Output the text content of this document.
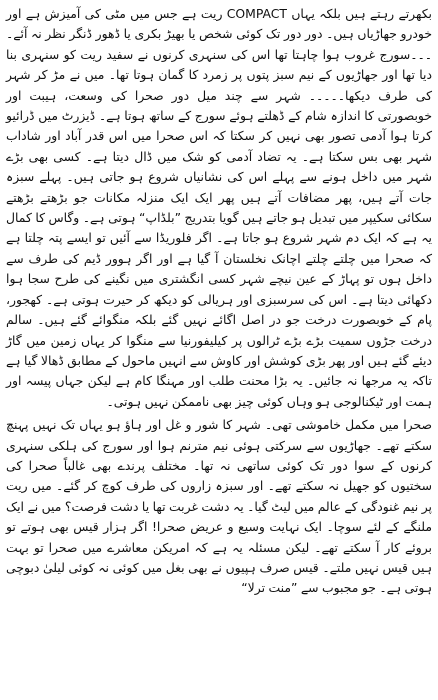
بکھرتے رہتے ہیں بلکہ یہاں COMPACT ریت ہے جس میں مٹی کی آمیزش ہے اور خودرو جھاڑیاں ہیں۔ دور دور تک کوئی شخص یا بھیڑ بکری یا ڈھور ڈنگر نظر نہ آئے۔ ۔۔۔سورج غروب ہوا چاہتا تھا اس کی سنہری کرنوں نے سفید ریت کو سنہری بنا دیا تھا اور جھاڑیوں کے نیم سبز پتوں پر زمرد کا گمان ہوتا تھا۔ میں نے مڑ کر شہر کی طرف دیکھا۔۔۔۔۔ شہر سے چند میل دور صحرا کی وسعت، ہیبت اور خوبصورتی کا اندازہ شام کے ڈھلتے ہوئے سورج کے ساتھ ہوتا ہے۔ ڈیزرٹ میں ڈرائیو کرتا ہوا آدمی تصور بھی نہیں کر سکتا کہ اس صحرا میں اس قدر آباد اور شاداب شہر بھی بس سکتا ہے۔ یہ تضاد آدمی کو شک میں ڈال دیتا ہے۔ کسی بھی بڑے شہر میں داخل ہونے سے پہلے اس کی نشانیاں شروع ہو جاتی ہیں۔ پہلے سبزہ جات آتے ہیں، پھر مضافات آتے ہیں پھر ایک ایک منزلہ مکانات جو بڑھتے بڑھتے سکائی سکیپر میں تبدیل ہو جاتے ہیں گویا بتدریج ”بلڈاپ“ ہوتی ہے۔ وگاس کا کمال یہ ہے کہ ایک دم شہر شروع ہو جاتا ہے۔ اگر فلوریڈا سے آئیں تو ایسے پتہ چلتا ہے کہ صحرا میں چلتے چلتے اچانک نخلستان آ گیا ہے اور اگر ہوور ڈیم کی طرف سے داخل ہوں تو پہاڑ کے عین نیچے شہر کسی انگشتری میں نگینے کی طرح سجا ہوا دکھائی دیتا ہے۔ اس کی سرسبزی اور ہریالی کو دیکھ کر حیرت ہوتی ہے۔ کھجور، پام کے خوبصورت درخت جو در اصل اگائے نہیں گئے بلکہ منگوائے گئے ہیں۔ سالم درخت جڑوں سمیت بڑے بڑے ٹرالوں پر کیلیفورنیا سے منگوا کر یہاں زمین میں گاڑ دیئے گئے ہیں اور پھر بڑی کوشش اور کاوش سے انہیں ماحول کے مطابق ڈھالا گیا ہے تاکہ یہ مرجھا نہ جائیں۔ یہ بڑا محنت طلب اور مہنگا کام ہے لیکن جہاں پیسہ اور ہمت اور ٹیکنالوجی ہو وہاں کوئی چیز بھی ناممکن نہیں ہوتی۔

صحرا میں مکمل خاموشی تھی۔ شہر کا شور و غل اور ہاؤ ہو یہاں تک نہیں پہنچ سکتے تھے۔ جھاڑیوں سے سرکتی ہوئی نیم مترنم ہوا اور سورج کی ہلکی سنہری کرنوں کے سوا دور تک کوئی ساتھی نہ تھا۔ مختلف پرندے بھی غالباً صحرا کی سختیوں کو جھیل نہ سکتے تھے۔ اور سبزہ زاروں کی طرف کوچ کر گئے۔ میں ریت پر نیم غنودگی کے عالم میں لیٹ گیا۔ یہ دشت غربت تھا یا دشت فرصت؟ میں نے ایک ملنگے کے لئے سوچا۔ ایک نہایت وسیع و عریض صحرا! اگر ہزار قیس بھی ہوتے تو بروئے کار آ سکتے تھے۔ لیکن مسئلہ یہ ہے کہ امریکن معاشرے میں صحرا تو بہت ہیں قیس نہیں ملتے۔ قیس صرف ہپیوں نے بھی بغل میں کوئی نہ کوئی لیلیٰ دبوچی ہوتی ہے۔ جو مجبوب سے ”منت ترلا“
